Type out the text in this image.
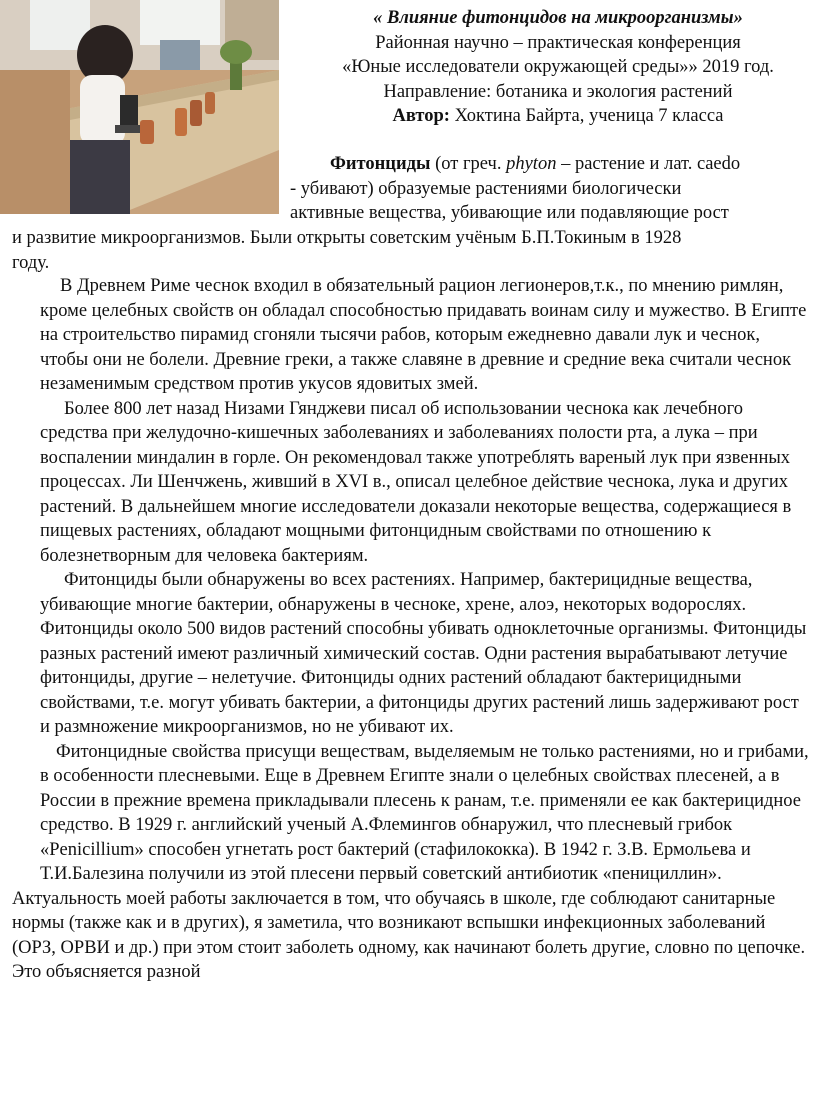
« Влияние фитонцидов на микроорганизмы»
Районная научно – практическая конференция
«Юные исследователи окружающей среды»» 2019 год.
Направление: ботаника и экология растений
Автор: Хоктина Байрта, ученица 7 класса

Фитонциды (от греч. phyton – растение и лат. caedo

- убивают) образуемые растениями биологически

активные вещества, убивающие или подавляющие рост

и развитие микроорганизмов. Были открыты советским учёным Б.П.Токиным в 1928

году.

В Древнем Риме чеснок входил в обязательный рацион легионеров,т.к., по мнению римлян, кроме целебных свойств он обладал способностью придавать воинам силу и мужество. В Египте на строительство пирамид сгоняли тысячи рабов, которым ежедневно давали лук и чеснок, чтобы они не болели. Древние греки, а также славяне в древние и средние века считали чеснок незаменимым средством против укусов ядовитых змей.

Более 800 лет назад Низами Гянджеви писал об использовании чеснока как лечебного средства при желудочно-кишечных заболеваниях и заболеваниях полости рта, а лука – при воспалении миндалин в горле. Он рекомендовал также употреблять вареный лук при язвенных процессах. Ли Шенчжень, живший в XVI в., описал целебное действие чеснока, лука и других растений. В дальнейшем многие исследователи доказали некоторые вещества, содержащиеся в пищевых растениях, обладают мощными фитонцидным свойствами по отношению к болезнетворным для человека бактериям.

Фитонциды были обнаружены во всех растениях. Например, бактерицидные вещества, убивающие многие бактерии, обнаружены в чесноке, хрене, алоэ, некоторых водорослях. Фитонциды около 500 видов растений способны убивать одноклеточные организмы. Фитонциды разных растений имеют различный химический состав. Одни растения вырабатывают летучие фитонциды, другие – нелетучие. Фитонциды одних растений обладают бактерицидными свойствами, т.е. могут убивать бактерии, а фитонциды других растений лишь задерживают рост и размножение микроорганизмов, но не убивают их.

Фитонцидные свойства присущи веществам, выделяемым не только растениями, но и грибами, в особенности плесневыми. Еще в Древнем Египте знали о целебных свойствах плесеней, а в России в прежние времена прикладывали плесень к ранам, т.е. применяли ее как бактерицидное средство. В 1929 г. английский ученый А.Флемингов обнаружил, что плесневый грибок «Penicillium» способен угнетать рост бактерий (стафилококка). В 1942 г. З.В. Ермольева и Т.И.Балезина получили из этой плесени первый советский антибиотик «пенициллин».

Актуальность моей работы заключается в том, что обучаясь в школе, где соблюдают санитарные нормы (также как и в других), я заметила, что возникают вспышки инфекционных заболеваний (ОРЗ, ОРВИ и др.) при этом стоит заболеть одному, как начинают болеть другие, словно по цепочке. Это объясняется разной
